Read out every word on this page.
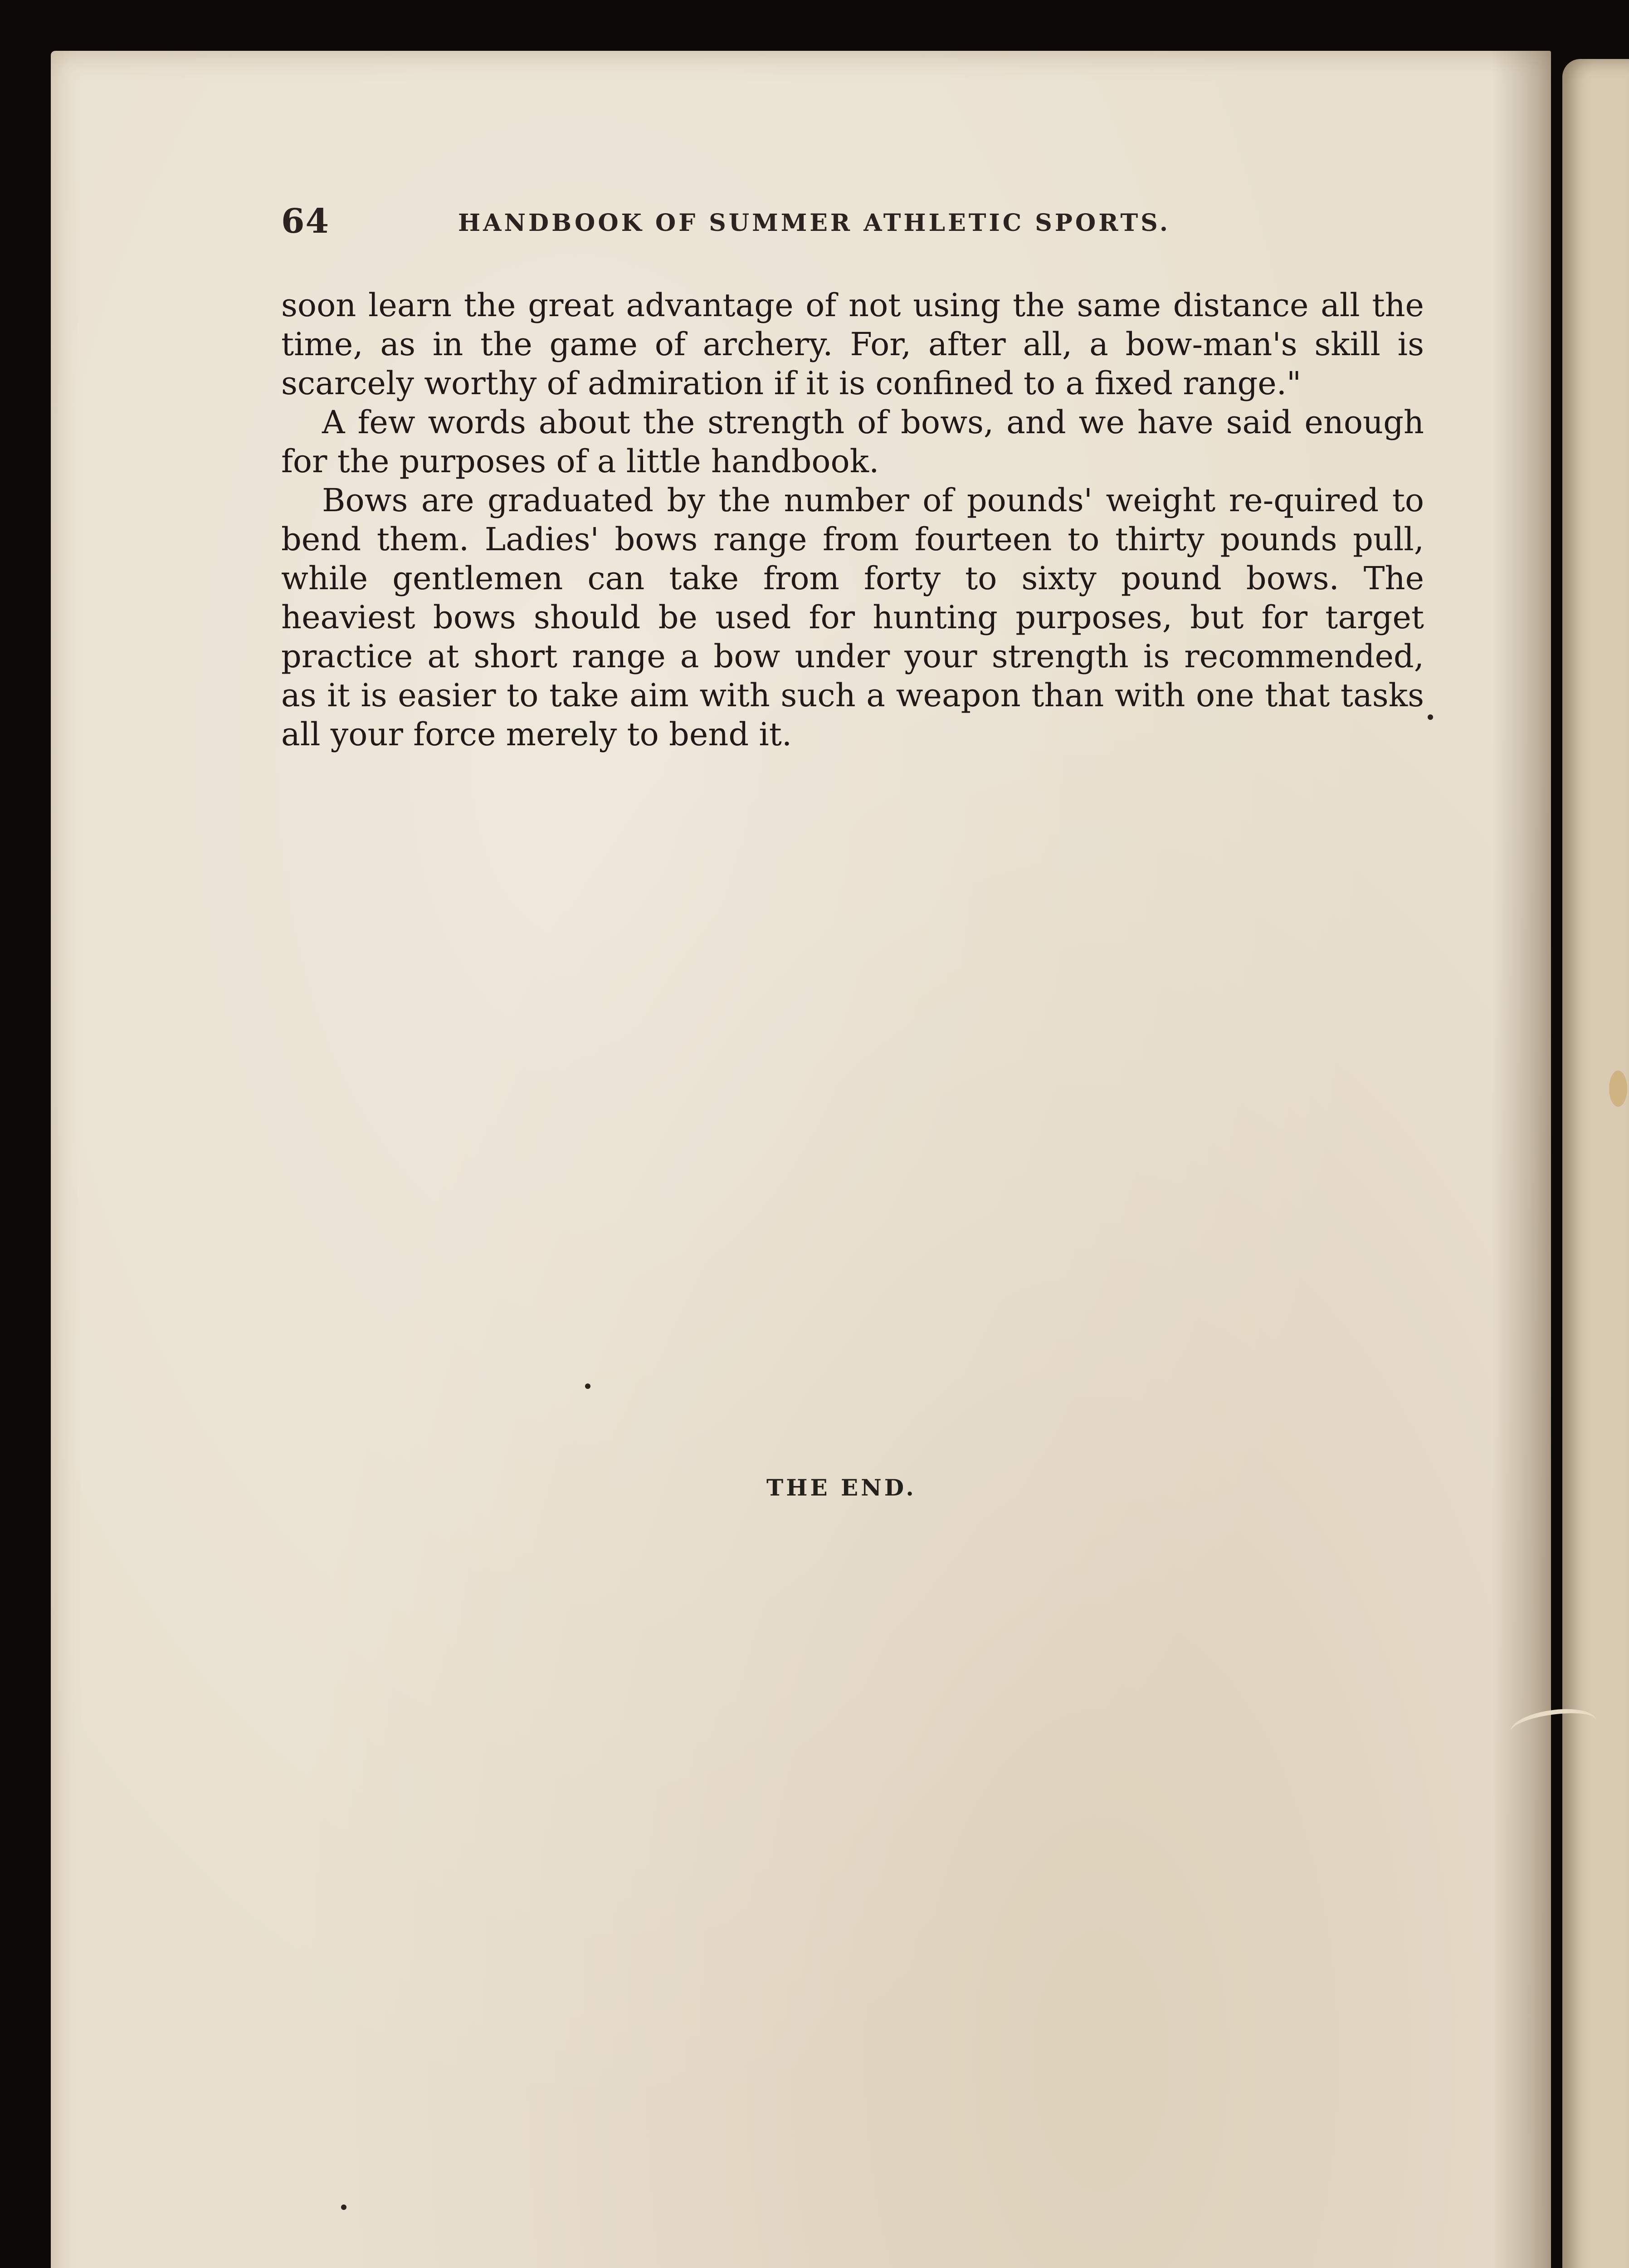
64	HANDBOOK OF SUMMER ATHLETIC SPORTS.

soon learn the great advantage of not using the same distance all the time, as in the game of archery. For, after all, a bow-man's skill is scarcely worthy of admiration if it is confined to a fixed range."

A few words about the strength of bows, and we have said enough for the purposes of a little handbook.

Bows are graduated by the number of pounds' weight re-quired to bend them. Ladies' bows range from fourteen to thirty pounds pull, while gentlemen can take from forty to sixty pound bows. The heaviest bows should be used for hunting purposes, but for target practice at short range a bow under your strength is recommended, as it is easier to take aim with such a weapon than with one that tasks all your force merely to bend it.

THE END.
